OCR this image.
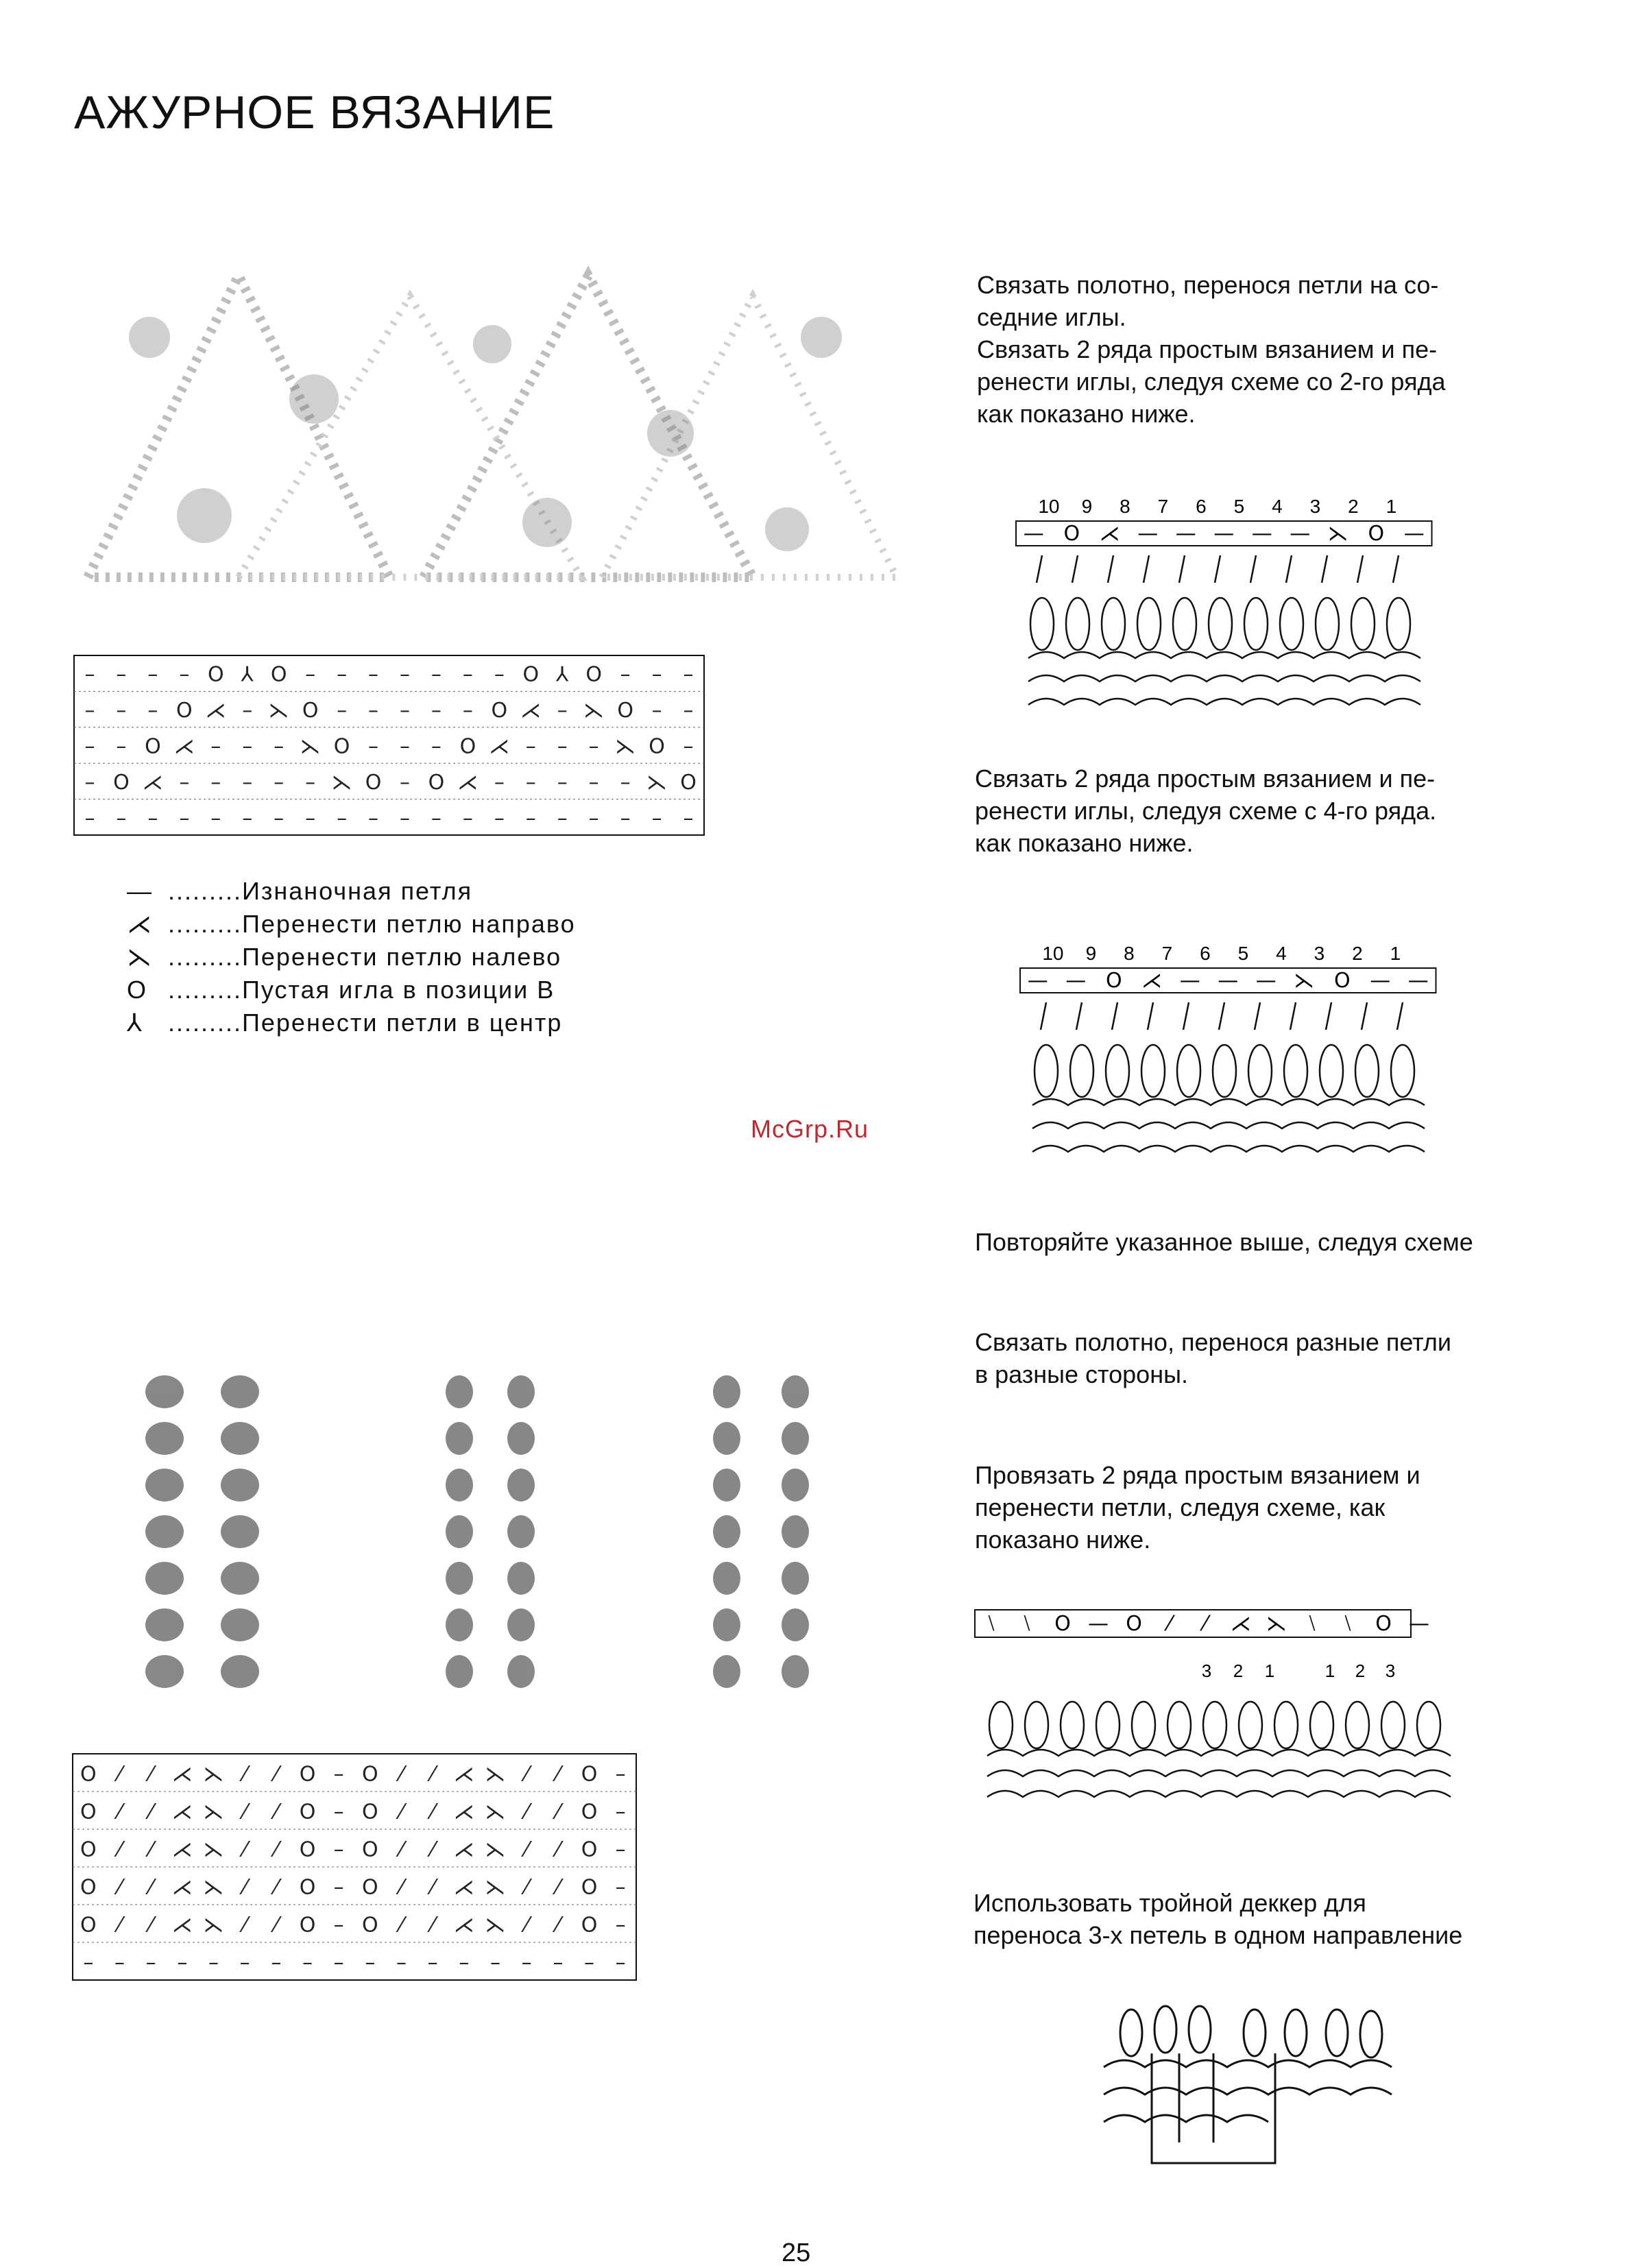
АЖУРНОЕ ВЯЗАНИЕ
– – – – O ⅄ O – – – – – – – O ⅄ O – – –
– – – O ⋌ – ⋋ O – – – – – O ⋌ – ⋋ O – –
– – O ⋌ – – – ⋋ O – – – O ⋌ – – – ⋋ O –
– O ⋌ – – – – – ⋋ O – O ⋌ – – – – – ⋋ O
– – – – – – – – – – – – – – – – – – – –
— .........Изнаночная петля
⋌ .........Перенести петлю направо
⋋ .........Перенести петлю налево
O .........Пустая игла в позиции B
⅄	.........Перенести петли в центр
McGrp.Ru
O ⁄ ⁄ ⋌ ⋋ ⁄ ⁄ O – O ⁄ ⁄ ⋌ ⋋ ⁄ ⁄ O –
O ⁄ ⁄ ⋌ ⋋ ⁄ ⁄ O – O ⁄ ⁄ ⋌ ⋋ ⁄ ⁄ O –
O ⁄ ⁄ ⋌ ⋋ ⁄ ⁄ O – O ⁄ ⁄ ⋌ ⋋ ⁄ ⁄ O –
O ⁄ ⁄ ⋌ ⋋ ⁄ ⁄ O – O ⁄ ⁄ ⋌ ⋋ ⁄ ⁄ O –
O ⁄ ⁄ ⋌ ⋋ ⁄ ⁄ O – O ⁄ ⁄ ⋌ ⋋ ⁄ ⁄ O –
– – – – – – – – – – – – – – – – – –
Связать полотно, перенося петли на со-
седние иглы.
Связать 2 ряда простым вязанием и пе-
ренести иглы, следуя схеме со 2-го ряда
как показано ниже.
10 9 8 7 6 5 4 3 2 1
— O ⋌ — — — — — ⋋ O —
Связать 2 ряда простым вязанием и пе-
ренести иглы, следуя схеме с 4-го ряда.
как показано ниже.
10 9 8 7 6 5 4 3 2 1
— — O ⋌ — — — ⋋ O — —
Повторяйте указанное выше, следуя схеме
Связать полотно, перенося разные петли
в разные стороны.
Провязать 2 ряда простым вязанием и
перенести петли, следуя схеме, как
показано ниже.
⧵ ⧵ O — O ⁄ ⁄ ⋌ ⋋ ⧵ ⧵ O —
3 2 1	1 2 3
Использовать тройной деккер для
переноса 3-х петель в одном направление
25
